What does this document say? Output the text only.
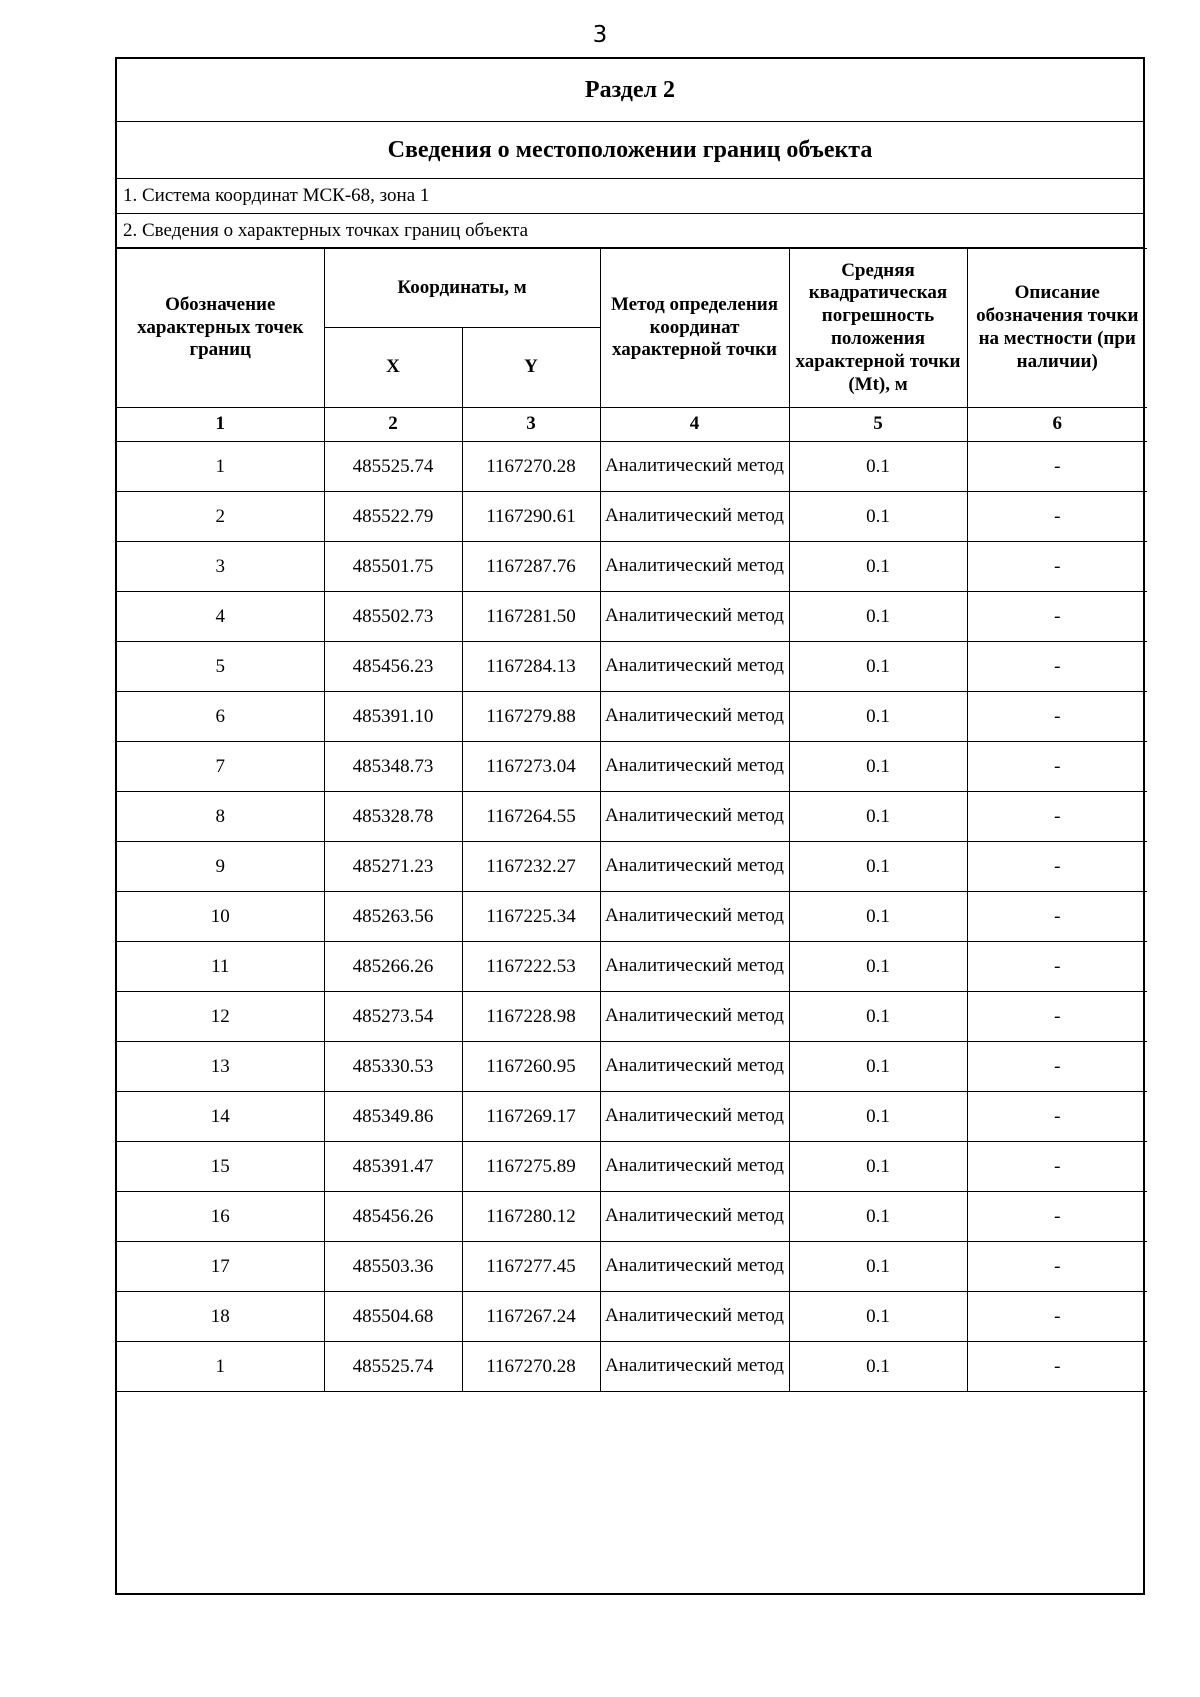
3
Раздел 2
Сведения о местоположении границ объекта
1. Система координат МСК-68, зона 1
2. Сведения о характерных точках границ объекта
Обозначение характерных точек границ	Координаты, м		Метод определения координат характерной точки	Средняя квадратическая погрешность положения характерной точки (Mt), м	Описание обозначения точки на местности (при наличии)
	X	Y			
1	2	3	4	5	6
1	485525.74	1167270.28	Аналитический метод	0.1	-
2	485522.79	1167290.61	Аналитический метод	0.1	-
3	485501.75	1167287.76	Аналитический метод	0.1	-
4	485502.73	1167281.50	Аналитический метод	0.1	-
5	485456.23	1167284.13	Аналитический метод	0.1	-
6	485391.10	1167279.88	Аналитический метод	0.1	-
7	485348.73	1167273.04	Аналитический метод	0.1	-
8	485328.78	1167264.55	Аналитический метод	0.1	-
9	485271.23	1167232.27	Аналитический метод	0.1	-
10	485263.56	1167225.34	Аналитический метод	0.1	-
11	485266.26	1167222.53	Аналитический метод	0.1	-
12	485273.54	1167228.98	Аналитический метод	0.1	-
13	485330.53	1167260.95	Аналитический метод	0.1	-
14	485349.86	1167269.17	Аналитический метод	0.1	-
15	485391.47	1167275.89	Аналитический метод	0.1	-
16	485456.26	1167280.12	Аналитический метод	0.1	-
17	485503.36	1167277.45	Аналитический метод	0.1	-
18	485504.68	1167267.24	Аналитический метод	0.1	-
1	485525.74	1167270.28	Аналитический метод	0.1	-
